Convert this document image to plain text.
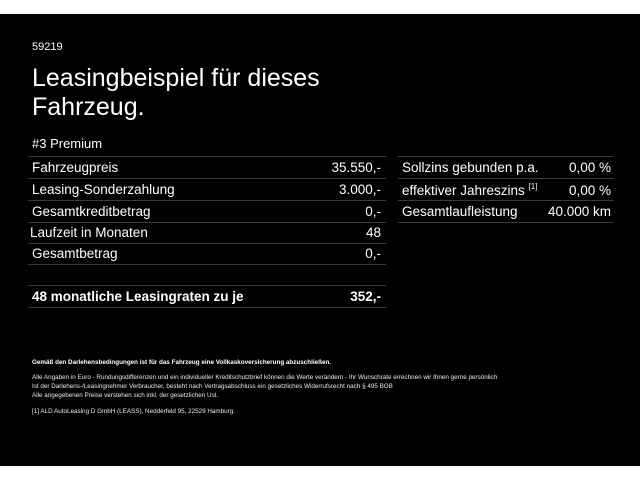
59219
Leasingbeispiel für dieses Fahrzeug.
#3 Premium
Fahrzeugpreis	35.550,-
Leasing-Sonderzahlung	3.000,-
Gesamtkreditbetrag	0,-
Laufzeit in Monaten	48
Gesamtbetrag	0,-
48 monatliche Leasingraten zu je	352,-
Sollzins gebunden p.a. 0,00 %
effektiver Jahreszins [1] 0,00 %
Gesamtlaufleistung 40.000 km
Gemäß den Darlehensbedingungen ist für das Fahrzeug eine Vollkaskoversicherung abzuschließen.
Alle Angaben in Euro - Rundungsdifferenzen und ein individueller Kreditschutzbrief können die Werte verändern - Ihr Wunschrate errechnen wir Ihnen gerne persönlich
Ist der Darlehens-/Leasingnehmer Verbraucher, besteht nach Vertragsabschluss ein gesetzliches Widerrufsrecht nach § 495 BGB
Alle angegebenen Preise verstehen sich inkl. der gesetzlichen Ust.
[1] ALD AutoLeasing D GmbH (LEASS), Nedderfeld 95, 22529 Hamburg.
